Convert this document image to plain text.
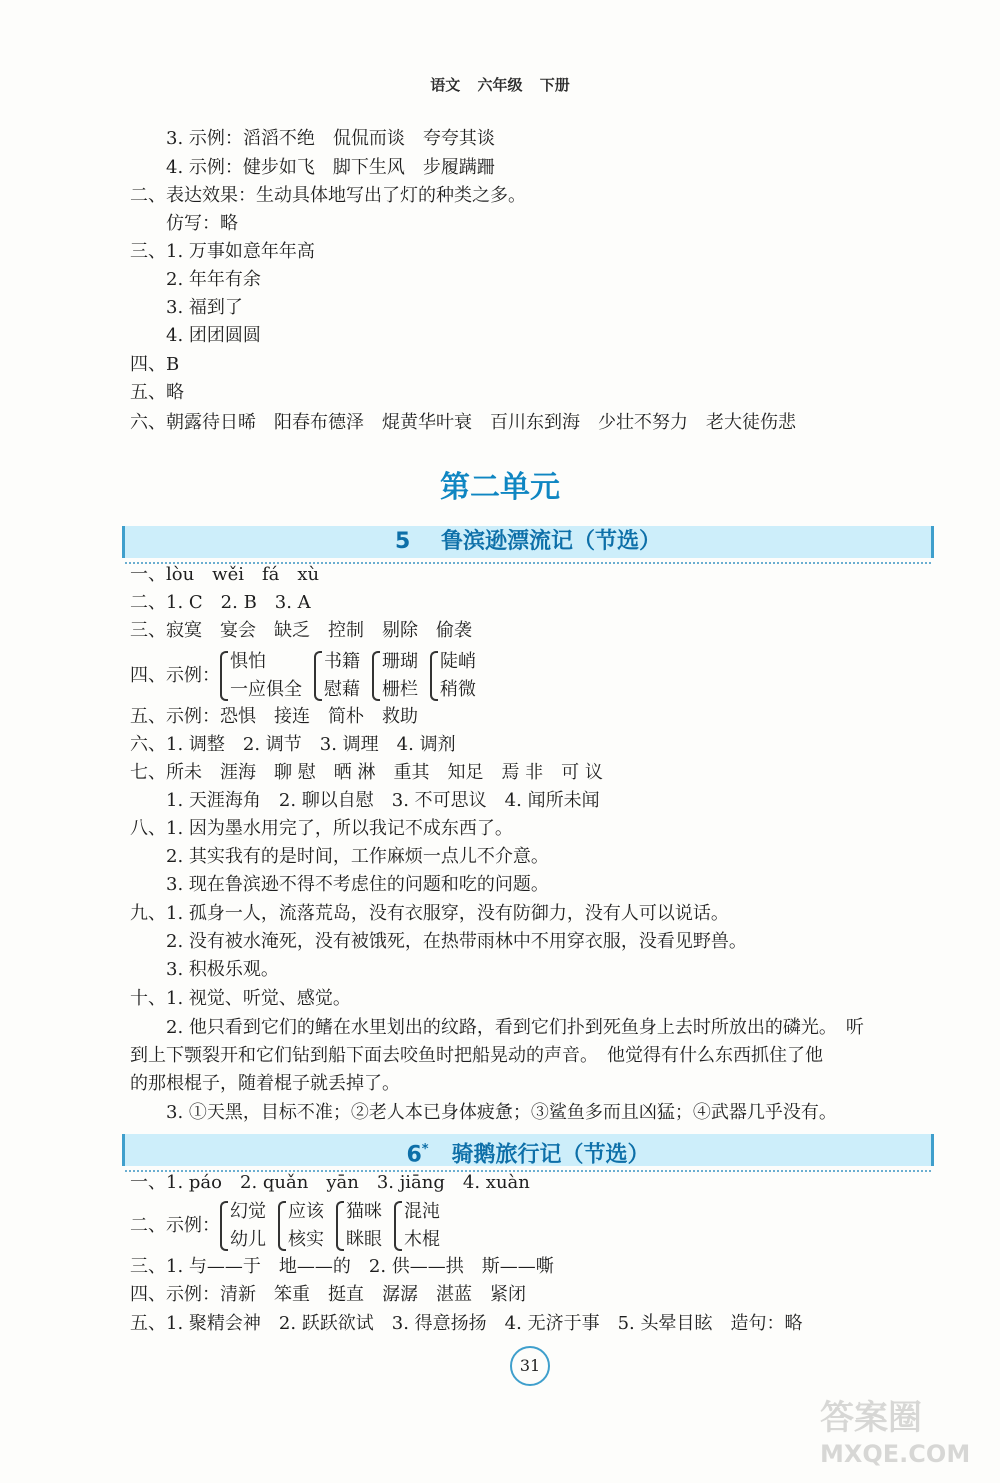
语文 六年级 下册
3. 示例：滔滔不绝　侃侃而谈　夸夸其谈
4. 示例：健步如飞　脚下生风　步履蹒跚
二、表达效果：生动具体地写出了灯的种类之多。
仿写：略
三、1. 万事如意年年高
2. 年年有余
3. 福到了
4. 团团圆圆
四、B
五、略
六、朝露待日晞　阳春布德泽　焜黄华叶衰　百川东到海　少壮不努力　老大徒伤悲
第二单元
5 鲁滨逊漂流记（节选）
一、lòu　wěi　fá　xù
二、1. C　2. B　3. A
三、寂寞　宴会　缺乏　控制　剔除　偷袭
四、示例：
惧怕
一应俱全
书籍
慰藉
珊瑚
栅栏
陡峭
稍微
五、示例：恐惧　接连　简朴　救助
六、1. 调整　2. 调节　3. 调理　4. 调剂
七、所未　涯海　聊 慰　晒 淋　重其　知足　焉 非　可 议
1. 天涯海角　2. 聊以自慰　3. 不可思议　4. 闻所未闻
八、1. 因为墨水用完了，所以我记不成东西了。
2. 其实我有的是时间，工作麻烦一点儿不介意。
3. 现在鲁滨逊不得不考虑住的问题和吃的问题。
九、1. 孤身一人，流落荒岛，没有衣服穿，没有防御力，没有人可以说话。
2. 没有被水淹死，没有被饿死，在热带雨林中不用穿衣服，没看见野兽。
3. 积极乐观。
十、1. 视觉、听觉、感觉。
2. 他只看到它们的鳍在水里划出的纹路，看到它们扑到死鱼身上去时所放出的磷光。　听
到上下颚裂开和它们钻到船下面去咬鱼时把船晃动的声音。　他觉得有什么东西抓住了他
的那根棍子，随着棍子就丢掉了。
3. ①天黑，目标不准；②老人本已身体疲惫；③鲨鱼多而且凶猛；④武器几乎没有。
6* 骑鹅旅行记（节选）
一、1. páo　2. quǎn　yān　3. jiāng　4. xuàn
二、示例：
幻觉
幼儿
应该
核实
猫咪
眯眼
混沌
木棍
三、1. 与——于　地——的　2. 供——拱　斯——嘶
四、示例：清新　笨重　挺直　潺潺　湛蓝　紧闭
五、1. 聚精会神　2. 跃跃欲试　3. 得意扬扬　4. 无济于事　5. 头晕目眩　造句：略
31
答案圈
MXQE.COM
